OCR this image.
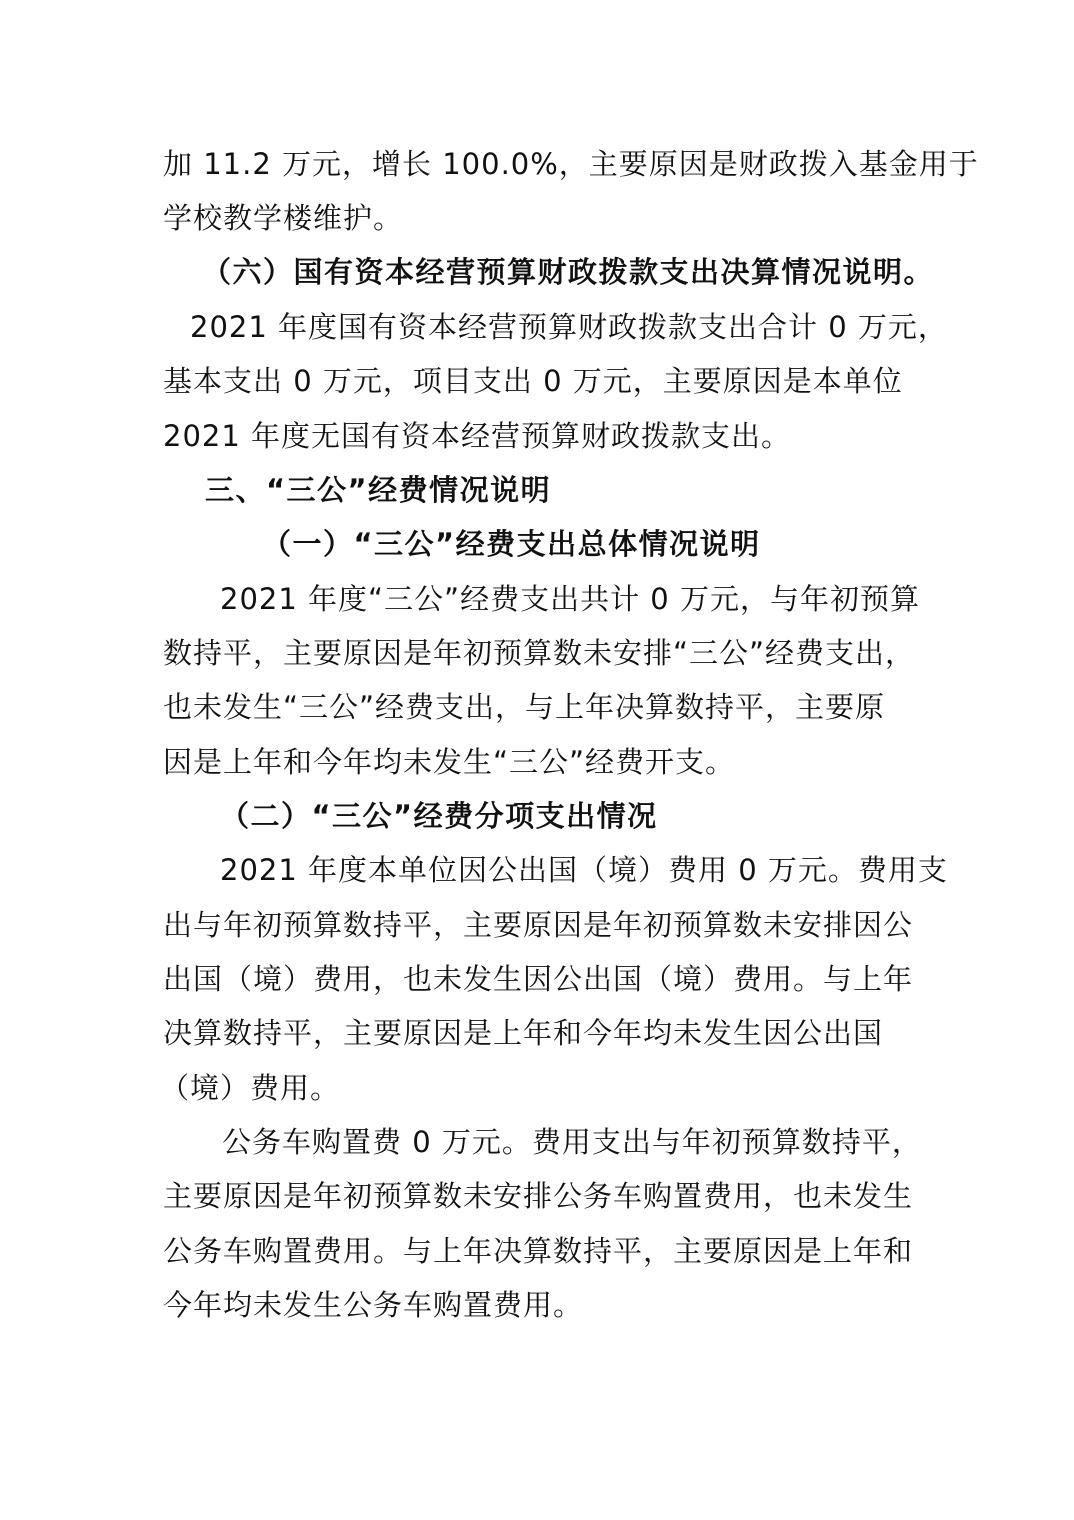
加 11.2 万元，增长 100.0%，主要原因是财政拨入基金用于
学校教学楼维护。
（六）国有资本经营预算财政拨款支出决算情况说明。
2021 年度国有资本经营预算财政拨款支出合计 0 万元，
基本支出 0 万元，项目支出 0 万元，主要原因是本单位
2021 年度无国有资本经营预算财政拨款支出。
三、“三公”经费情况说明
（一）“三公”经费支出总体情况说明
2021 年度“三公”经费支出共计 0 万元，与年初预算
数持平，主要原因是年初预算数未安排“三公”经费支出，
也未发生“三公”经费支出，与上年决算数持平，主要原
因是上年和今年均未发生“三公”经费开支。
（二）“三公”经费分项支出情况
2021 年度本单位因公出国（境）费用 0 万元。费用支
出与年初预算数持平，主要原因是年初预算数未安排因公
出国（境）费用，也未发生因公出国（境）费用。与上年
决算数持平，主要原因是上年和今年均未发生因公出国
（境）费用。
公务车购置费 0 万元。费用支出与年初预算数持平，
主要原因是年初预算数未安排公务车购置费用，也未发生
公务车购置费用。与上年决算数持平，主要原因是上年和
今年均未发生公务车购置费用。
